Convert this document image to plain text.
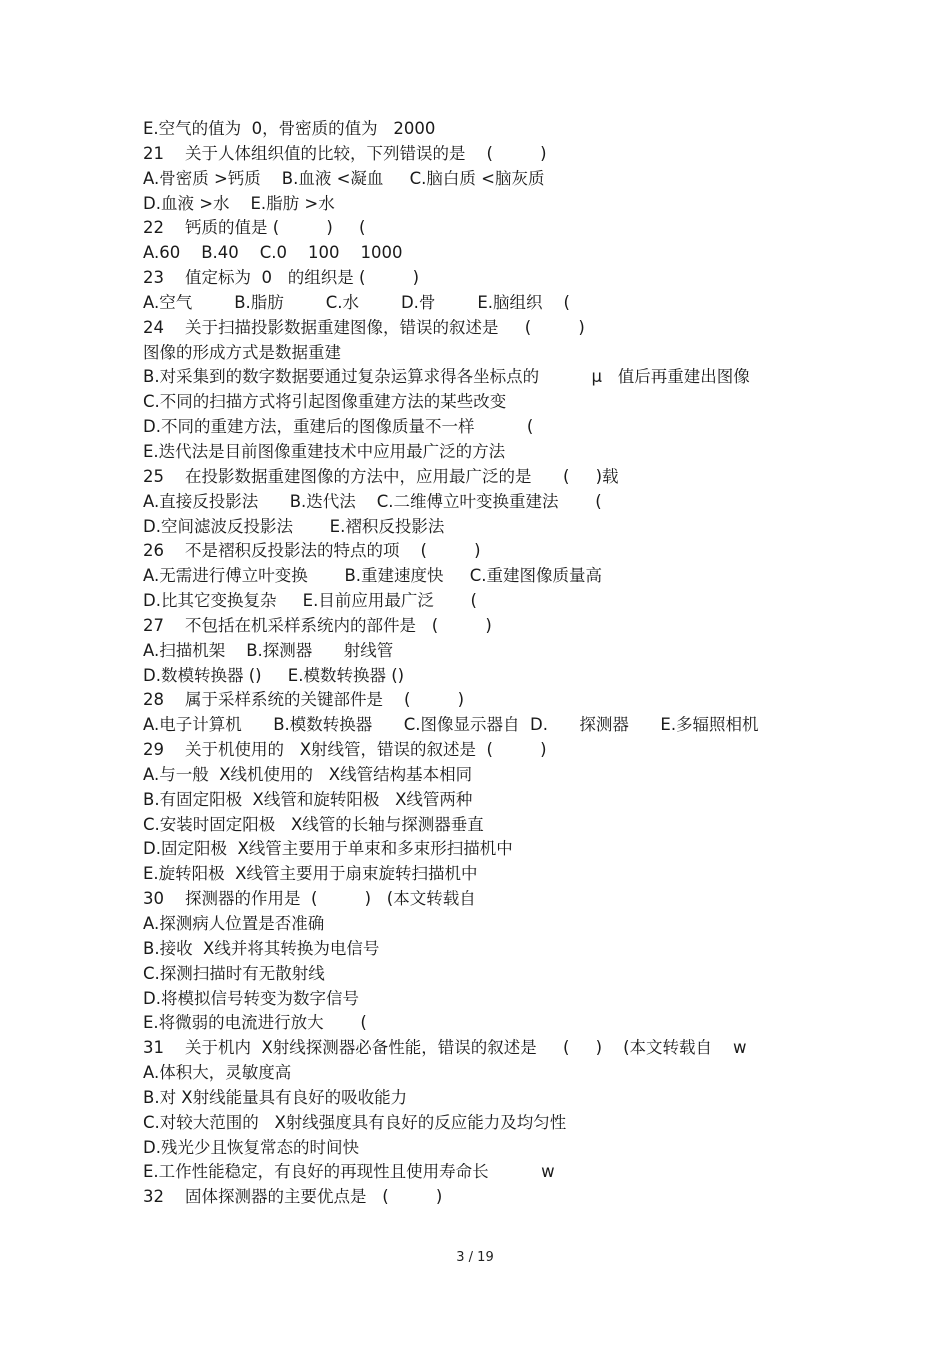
E.空气的值为  0，骨密质的值为   2000
21    关于人体组织值的比较，下列错误的是    (         )
A.骨密质 >钙质    B.血液 <凝血     C.脑白质 <脑灰质
D.血液 >水    E.脂肪 >水
22    钙质的值是 (         )     (
A.60    B.40    C.0    100    1000
23    值定标为  0   的组织是 (         )
A.空气        B.脂肪        C.水        D.骨        E.脑组织    (
24    关于扫描投影数据重建图像，错误的叙述是     (         )
图像的形成方式是数据重建
B.对采集到的数字数据要通过复杂运算求得各坐标点的          μ   值后再重建出图像
C.不同的扫描方式将引起图像重建方法的某些改变
D.不同的重建方法，重建后的图像质量不一样          (
E.迭代法是目前图像重建技术中应用最广泛的方法
25    在投影数据重建图像的方法中，应用最广泛的是      (     )载
A.直接反投影法      B.迭代法    C.二维傅立叶变换重建法       (
D.空间滤波反投影法       E.褶积反投影法
26    不是褶积反投影法的特点的项    (         )
A.无需进行傅立叶变换       B.重建速度快     C.重建图像质量高
D.比其它变换复杂     E.目前应用最广泛       (
27    不包括在机采样系统内的部件是   (         )
A.扫描机架    B.探测器      射线管
D.数模转换器 ()     E.模数转换器 ()
28    属于采样系统的关键部件是    (         )
A.电子计算机      B.模数转换器      C.图像显示器自  D.      探测器      E.多辐照相机
29    关于机使用的   X射线管，错误的叙述是  (         )
A.与一般  X线机使用的   X线管结构基本相同
B.有固定阳极  X线管和旋转阳极   X线管两种
C.安装时固定阳极   X线管的长轴与探测器垂直
D.固定阳极  X线管主要用于单束和多束形扫描机中
E.旋转阳极  X线管主要用于扇束旋转扫描机中
30    探测器的作用是  (         )   (本文转载自
A.探测病人位置是否准确
B.接收  X线并将其转换为电信号
C.探测扫描时有无散射线
D.将模拟信号转变为数字信号
E.将微弱的电流进行放大       (
31    关于机内  X射线探测器必备性能，错误的叙述是     (     )    (本文转载自    w
A.体积大，灵敏度高
B.对 X射线能量具有良好的吸收能力
C.对较大范围的   X射线强度具有良好的反应能力及均匀性
D.残光少且恢复常态的时间快
E.工作性能稳定，有良好的再现性且使用寿命长          w
32    固体探测器的主要优点是   (         )
3 / 19
